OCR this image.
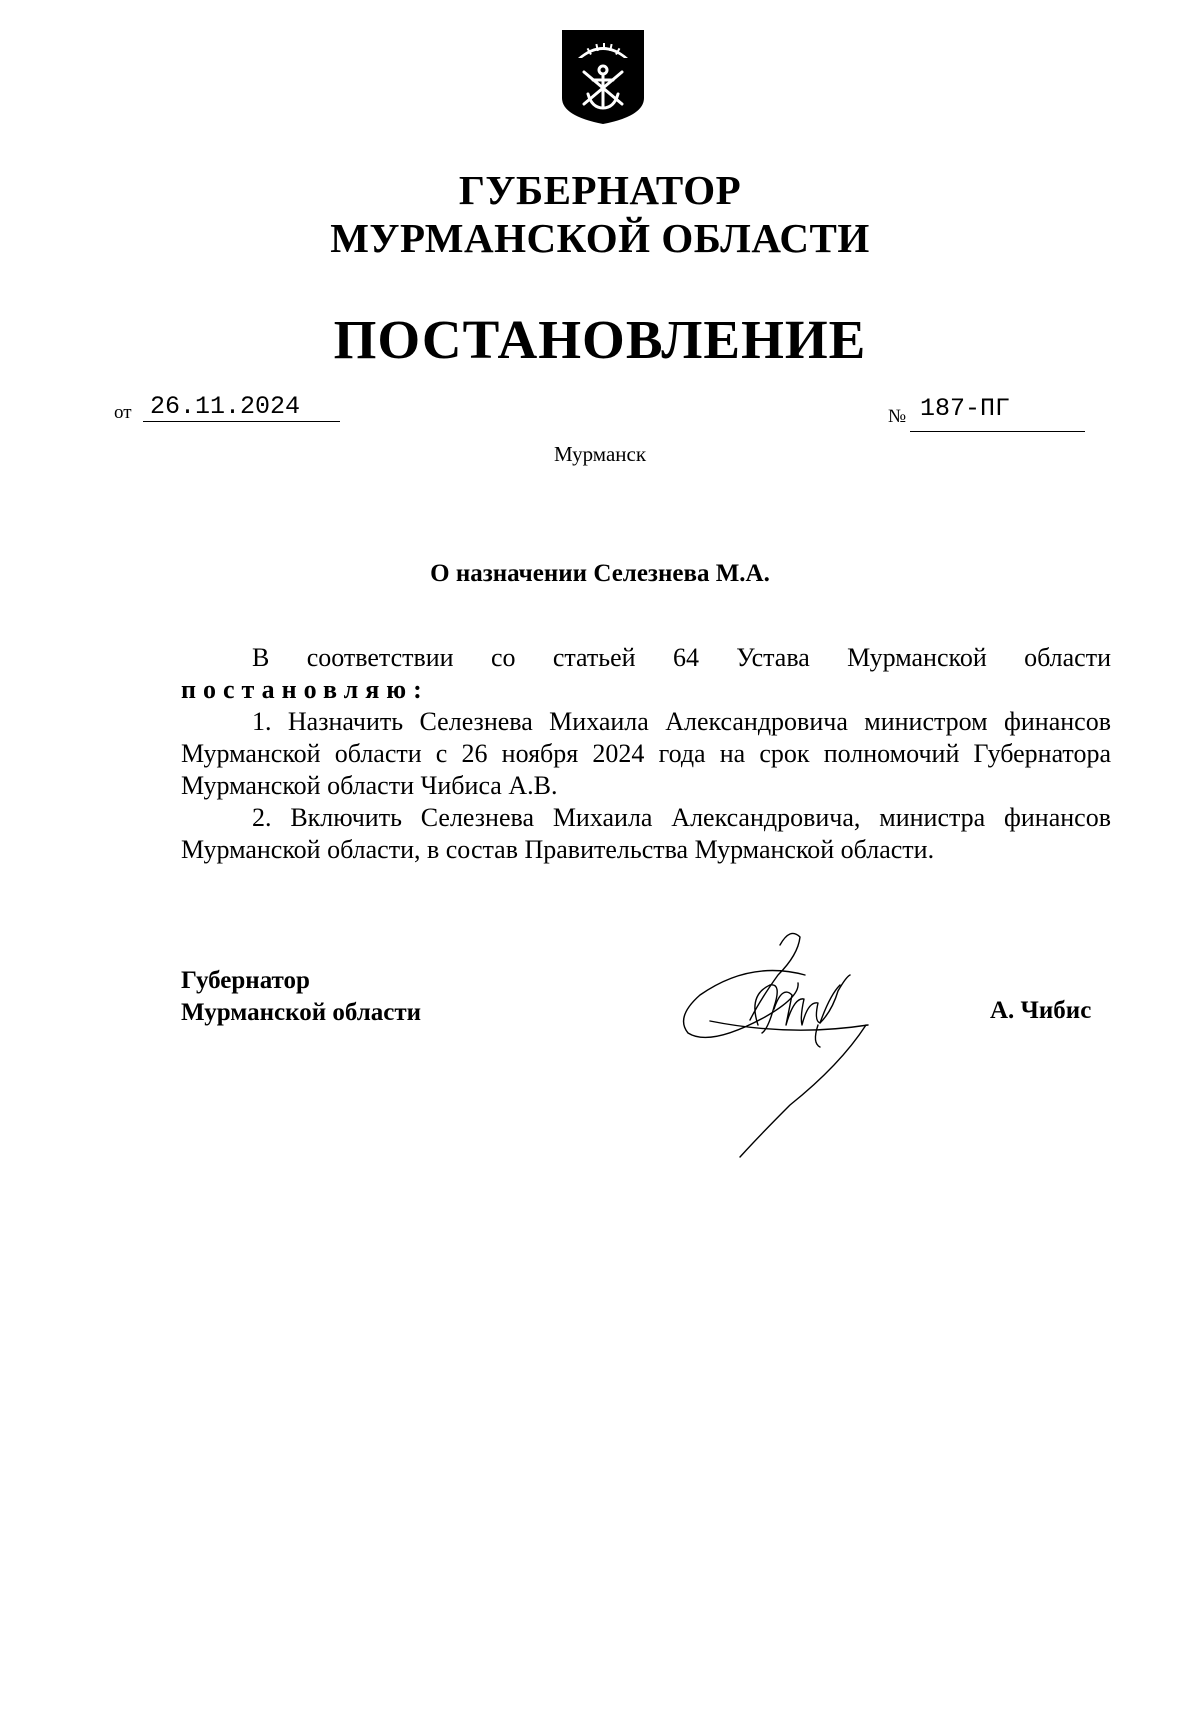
ГУБЕРНАТОР
МУРМАНСКОЙ ОБЛАСТИ
ПОСТАНОВЛЕНИЕ
от 26.11.2024	№ 187-ПГ
Мурманск
О назначении Селезнева М.А.
В соответствии со статьей 64 Устава Мурманской области
постановляю:
1. Назначить Селезнева Михаила Александровича министром финансов Мурманской области с 26 ноября 2024 года на срок полномочий Губернатора Мурманской области Чибиса А.В.
2. Включить Селезнева Михаила Александровича, министра финансов Мурманской области, в состав Правительства Мурманской области.
Губернатор
Мурманской области	А. Чибис
